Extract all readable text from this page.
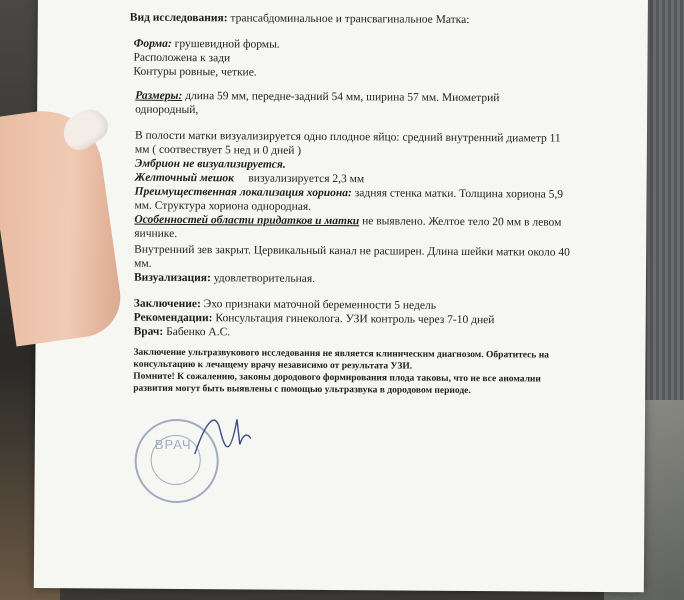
Вид исследования: трансабдоминальное и трансвагинальное Матка:
Форма: грушевидной формы.
Расположена к зади
Контуры ровные, четкие.
Размеры: длина 59 мм, передне-задний 54 мм, ширина 57 мм. Миометрий
однородный,
В полости матки визуализируется одно плодное яйцо: средний внутренний диаметр 11
мм ( соотвествует 5 нед и 0 дней )
Эмбрион не визуализируется.
Желточный мешок визуализируется 2,3 мм
Преимущественная локализация хориона: задняя стенка матки. Толщина хориона 5,9
мм. Структура хориона однородная.
Особенностей области придатков и матки не выявлено. Желтое тело 20 мм в левом
яичнике.
Внутренний зев закрыт. Цервикальный канал не расширен. Длина шейки матки около 40
мм.
Визуализация: удовлетворительная.
Заключение: Эхо признаки маточной беременности 5 недель
Рекомендации: Консультация гинеколога. УЗИ контроль через 7-10 дней
Врач: Бабенко А.С.
Заключение ультразвукового исследования не является клиническим диагнозом. Обратитесь на
консультацию к лечащему врачу независимо от результата УЗИ.
Помните! К сожалению, законы дородового формирования плода таковы, что не все аномалии
развития могут быть выявлены с помощью ультразвука в дородовом периоде.
ВРАЧ
